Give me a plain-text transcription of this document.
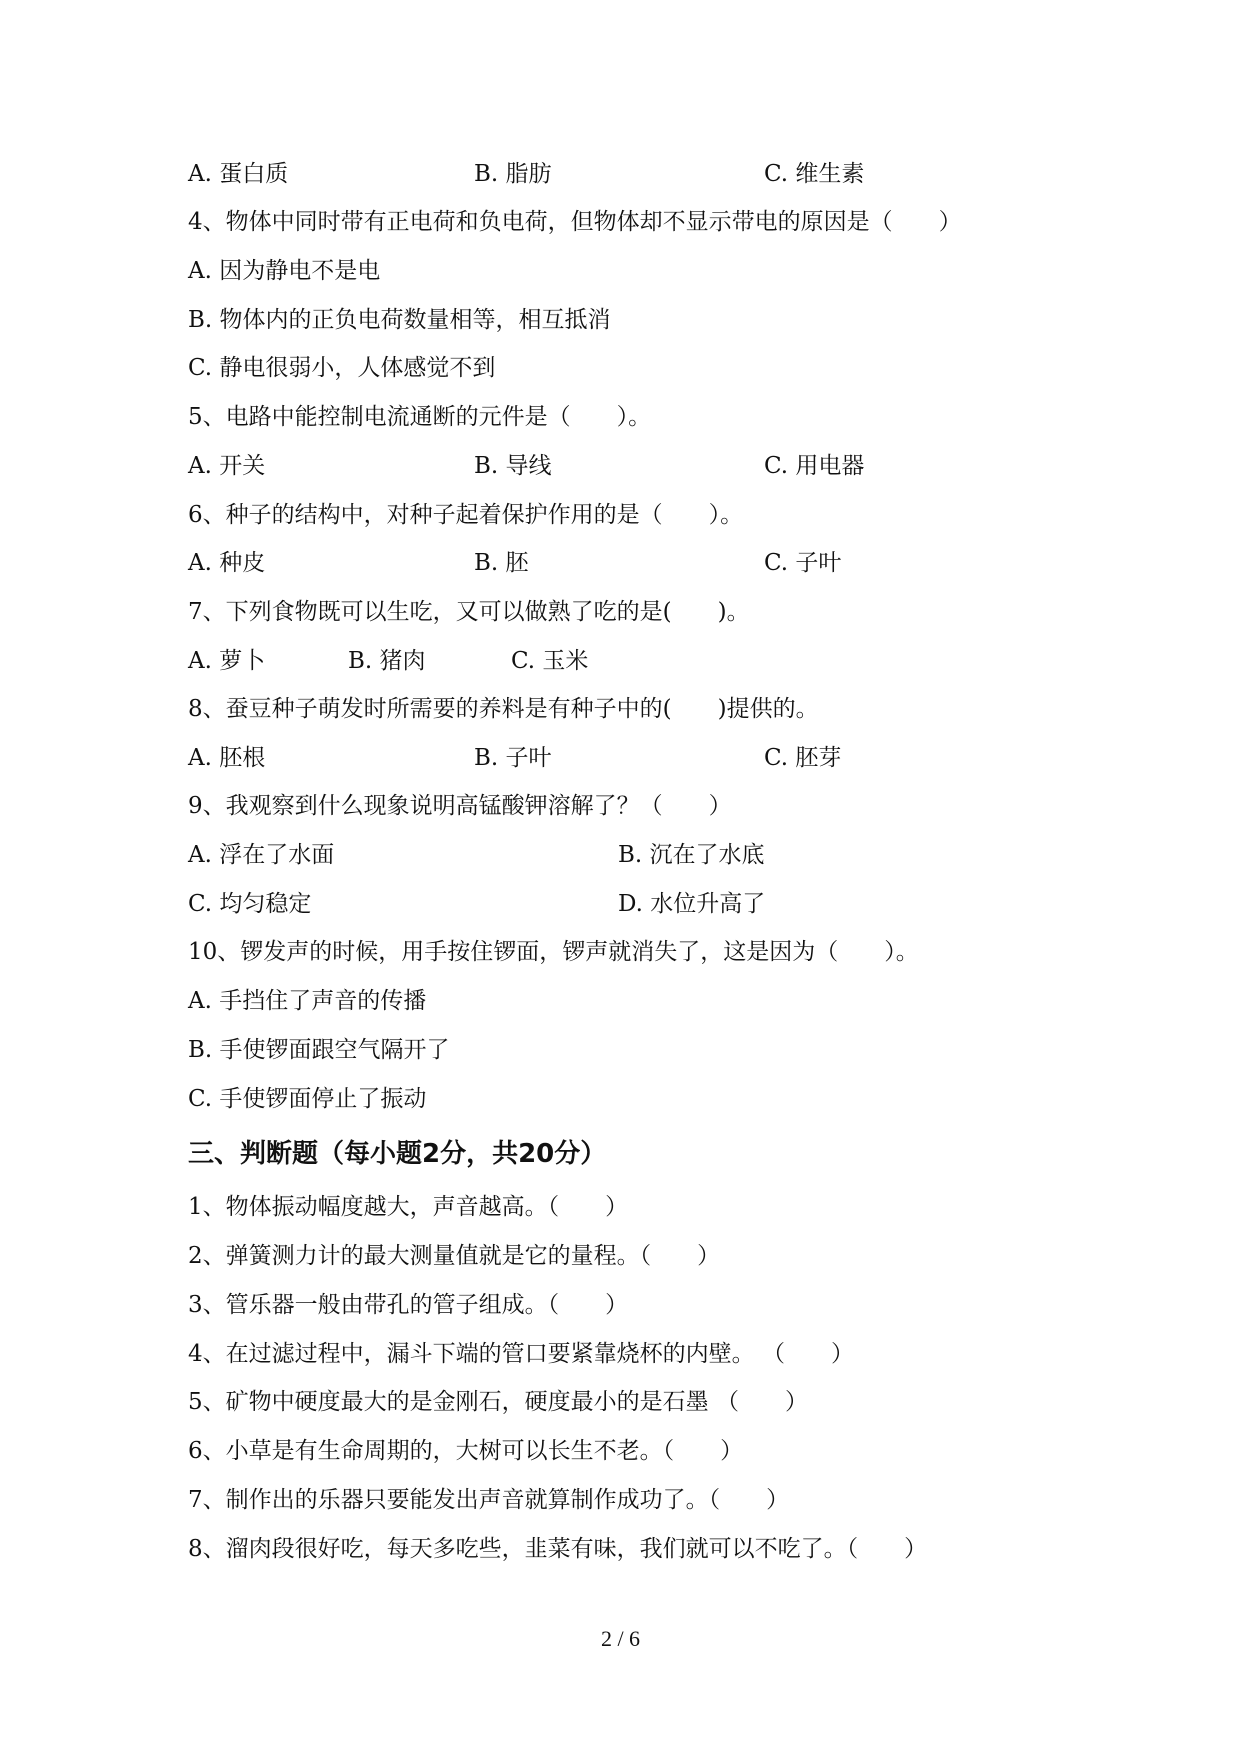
A. 蛋白质	B. 脂肪	C. 维生素
4、物体中同时带有正电荷和负电荷，但物体却不显示带电的原因是（　　）
A. 因为静电不是电
B. 物体内的正负电荷数量相等，相互抵消
C. 静电很弱小，人体感觉不到
5、电路中能控制电流通断的元件是（　　）。
A. 开关	B. 导线	C. 用电器
6、种子的结构中，对种子起着保护作用的是（　　）。
A. 种皮	B. 胚	C. 子叶
7、下列食物既可以生吃，又可以做熟了吃的是(　　)。
A. 萝卜	B. 猪肉	C. 玉米
8、蚕豆种子萌发时所需要的养料是有种子中的(　　)提供的。
A. 胚根	B. 子叶	C. 胚芽
9、我观察到什么现象说明高锰酸钾溶解了？（　　）
A. 浮在了水面	B. 沉在了水底
C. 均匀稳定	D. 水位升高了
10、锣发声的时候，用手按住锣面，锣声就消失了，这是因为（　　）。
A. 手挡住了声音的传播
B. 手使锣面跟空气隔开了
C. 手使锣面停止了振动
三、判断题（每小题2分，共20分）
1、物体振动幅度越大，声音越高。（　　）
2、弹簧测力计的最大测量值就是它的量程。（　　）
3、管乐器一般由带孔的管子组成。（　　）
4、在过滤过程中，漏斗下端的管口要紧靠烧杯的内壁。 （　　）
5、矿物中硬度最大的是金刚石，硬度最小的是石墨 （　　）
6、小草是有生命周期的，大树可以长生不老。（　　）
7、制作出的乐器只要能发出声音就算制作成功了。（　　）
8、溜肉段很好吃，每天多吃些，韭菜有味，我们就可以不吃了。（　　）
2 / 6
